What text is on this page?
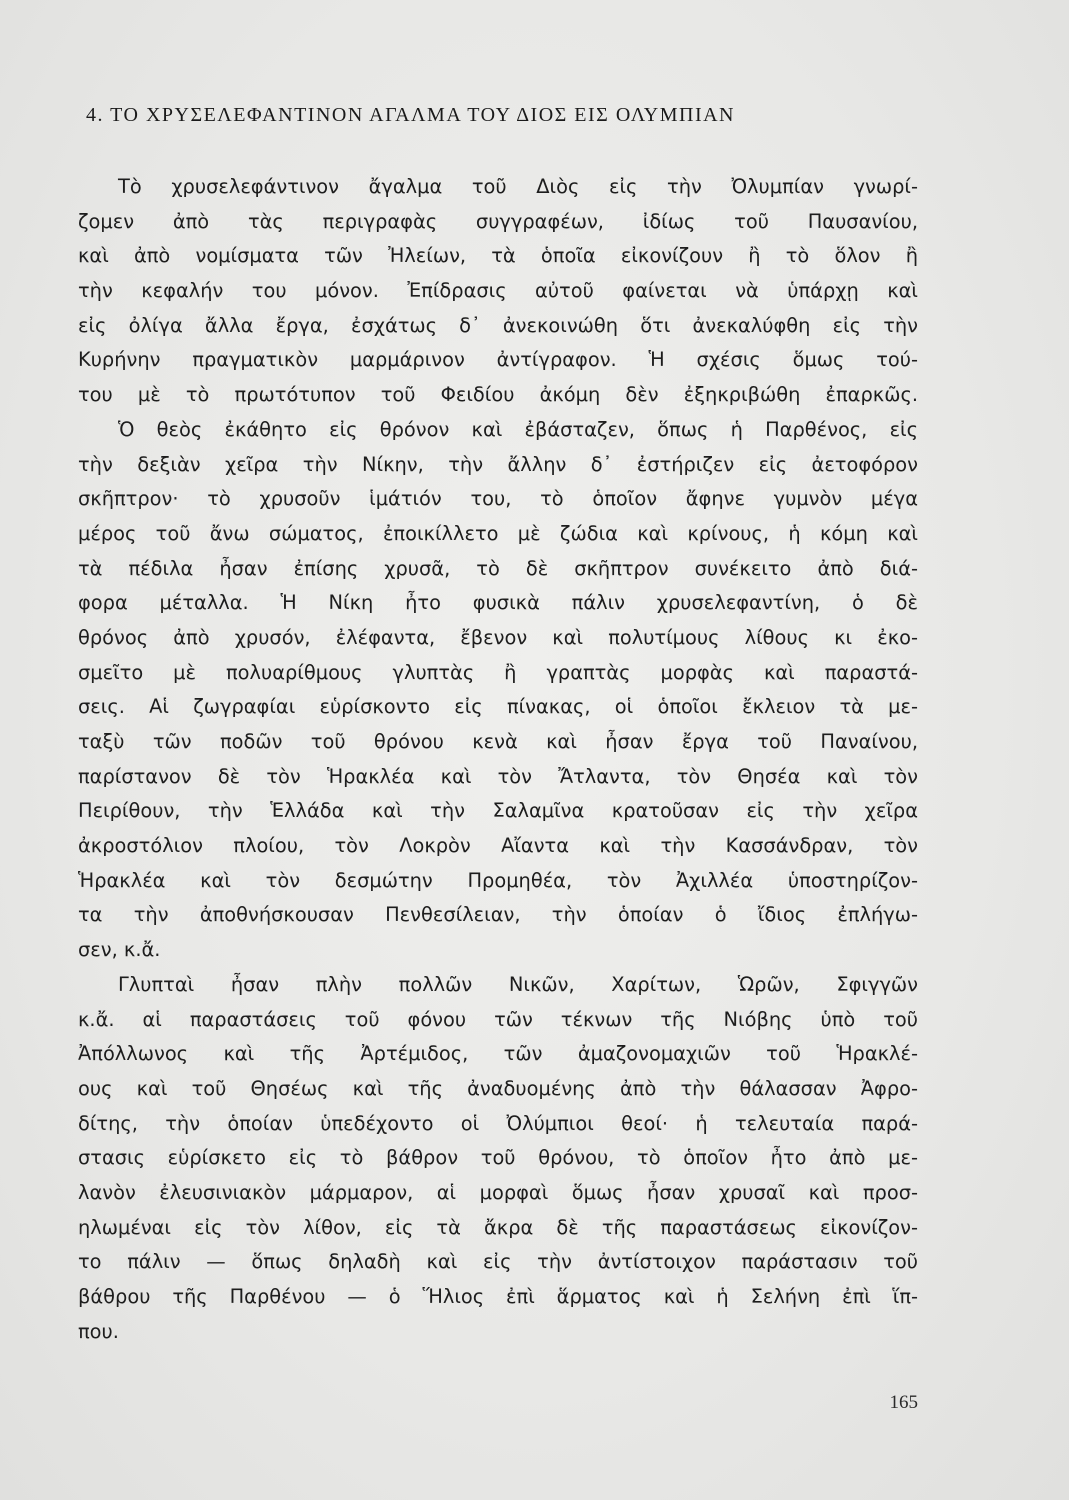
4. ΤΟ ΧΡΥΣΕΛΕΦΑΝΤΙΝΟΝ ΑΓΑΛΜΑ ΤΟΥ ΔΙΟΣ ΕΙΣ ΟΛΥΜΠΙΑΝ
Τὸ χρυσελεφάντινον ἄγαλμα τοῦ Διὸς εἰς τὴν Ὀλυμπίαν γνωρί-
ζομεν ἀπὸ τὰς περιγραφὰς συγγραφέων, ἰδίως τοῦ Παυσανίου,
καὶ ἀπὸ νομίσματα τῶν Ἠλείων, τὰ ὁποῖα εἰκονίζουν ἢ τὸ ὅλον ἢ
τὴν κεφαλήν του μόνον. Ἐπίδρασις αὐτοῦ φαίνεται νὰ ὑπάρχῃ καὶ
εἰς ὀλίγα ἄλλα ἔργα, ἐσχάτως δ᾽ ἀνεκοινώθη ὅτι ἀνεκαλύφθη εἰς τὴν
Κυρήνην πραγματικὸν μαρμάρινον ἀντίγραφον. Ἡ σχέσις ὅμως τού-
του μὲ τὸ πρωτότυπον τοῦ Φειδίου ἀκόμη δὲν ἐξηκριβώθη ἐπαρκῶς.
Ὁ θεὸς ἐκάθητο εἰς θρόνον καὶ ἐβάσταζεν, ὅπως ἡ Παρθένος, εἰς
τὴν δεξιὰν χεῖρα τὴν Νίκην, τὴν ἄλλην δ᾽ ἐστήριζεν εἰς ἀετοφόρον
σκῆπτρον· τὸ χρυσοῦν ἱμάτιόν του, τὸ ὁποῖον ἄφηνε γυμνὸν μέγα
μέρος τοῦ ἄνω σώματος, ἐποικίλλετο μὲ ζώδια καὶ κρίνους, ἡ κόμη καὶ
τὰ πέδιλα ἦσαν ἐπίσης χρυσᾶ, τὸ δὲ σκῆπτρον συνέκειτο ἀπὸ διά-
φορα μέταλλα. Ἡ Νίκη ἦτο φυσικὰ πάλιν χρυσελεφαντίνη, ὁ δὲ
θρόνος ἀπὸ χρυσόν, ἐλέφαντα, ἔβενον καὶ πολυτίμους λίθους κι ἐκο-
σμεῖτο μὲ πολυαρίθμους γλυπτὰς ἢ γραπτὰς μορφὰς καὶ παραστά-
σεις. Αἱ ζωγραφίαι εὑρίσκοντο εἰς πίνακας, οἱ ὁποῖοι ἔκλειον τὰ με-
ταξὺ τῶν ποδῶν τοῦ θρόνου κενὰ καὶ ἦσαν ἔργα τοῦ Παναίνου,
παρίστανον δὲ τὸν Ἡρακλέα καὶ τὸν Ἄτλαντα, τὸν Θησέα καὶ τὸν
Πειρίθουν, τὴν Ἑλλάδα καὶ τὴν Σαλαμῖνα κρατοῦσαν εἰς τὴν χεῖρα
ἀκροστόλιον πλοίου, τὸν Λοκρὸν Αἴαντα καὶ τὴν Κασσάνδραν, τὸν
Ἡρακλέα καὶ τὸν δεσμώτην Προμηθέα, τὸν Ἀχιλλέα ὑποστηρίζον-
τα τὴν ἀποθνήσκουσαν Πενθεσίλειαν, τὴν ὁποίαν ὁ ἴδιος ἐπλήγω-
σεν, κ.ἄ.
Γλυπταὶ ἦσαν πλὴν πολλῶν Νικῶν, Χαρίτων, Ὡρῶν, Σφιγγῶν
κ.ἄ. αἱ παραστάσεις τοῦ φόνου τῶν τέκνων τῆς Νιόβης ὑπὸ τοῦ
Ἀπόλλωνος καὶ τῆς Ἀρτέμιδος, τῶν ἀμαζονομαχιῶν τοῦ Ἡρακλέ-
ους καὶ τοῦ Θησέως καὶ τῆς ἀναδυομένης ἀπὸ τὴν θάλασσαν Ἀφρο-
δίτης, τὴν ὁποίαν ὑπεδέχοντο οἱ Ὀλύμπιοι θεοί· ἡ τελευταία παρά-
στασις εὑρίσκετο εἰς τὸ βάθρον τοῦ θρόνου, τὸ ὁποῖον ἦτο ἀπὸ με-
λανὸν ἐλευσινιακὸν μάρμαρον, αἱ μορφαὶ ὅμως ἦσαν χρυσαῖ καὶ προσ-
ηλωμέναι εἰς τὸν λίθον, εἰς τὰ ἄκρα δὲ τῆς παραστάσεως εἰκονίζον-
το πάλιν — ὅπως δηλαδὴ καὶ εἰς τὴν ἀντίστοιχον παράστασιν τοῦ
βάθρου τῆς Παρθένου — ὁ Ἥλιος ἐπὶ ἅρματος καὶ ἡ Σελήνη ἐπὶ ἵπ-
που.
165
